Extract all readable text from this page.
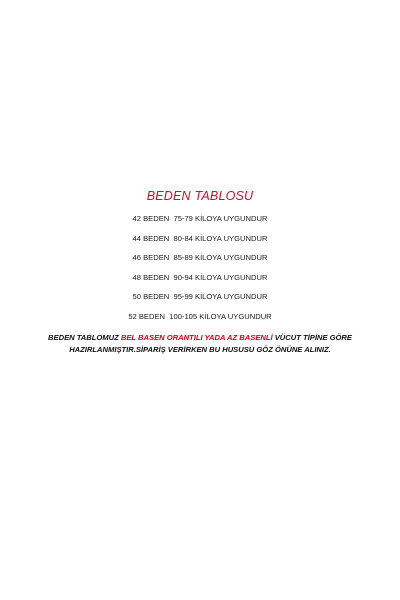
BEDEN TABLOSU
42 BEDEN  75-79 KİLOYA UYGUNDUR
44 BEDEN  80-84 KİLOYA UYGUNDUR
46 BEDEN  85-89 KİLOYA UYGUNDUR
48 BEDEN  90-94 KİLOYA UYGUNDUR
50 BEDEN  95-99 KİLOYA UYGUNDUR
52 BEDEN  100-105 KİLOYA UYGUNDUR
BEDEN TABLOMUZ BEL BASEN ORANTILI YADA AZ BASENLİ VÜCUT TİPİNE GÖRE
HAZIRLANMIŞTIR.SİPARİŞ VERİRKEN BU HUSUSU GÖZ ÖNÜNE ALINIZ.
